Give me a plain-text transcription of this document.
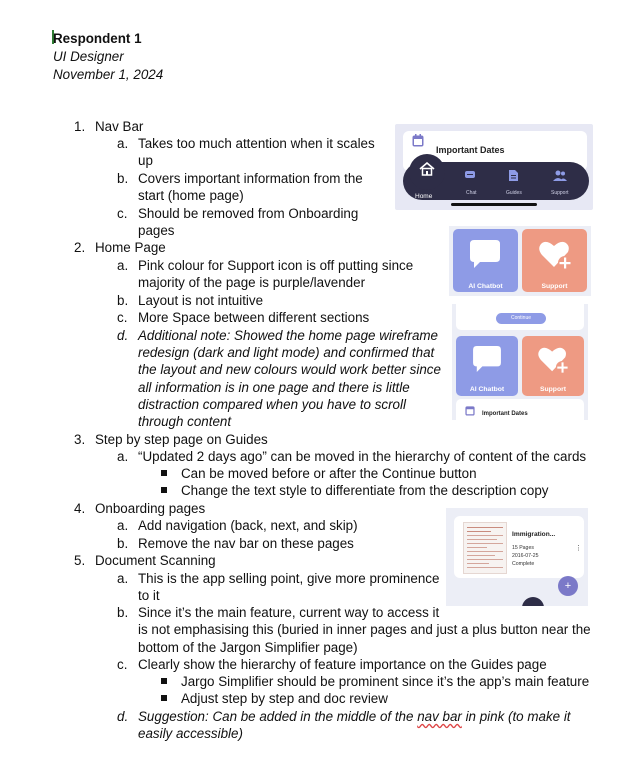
Respondent 1
UI Designer
November 1, 2024
1. Nav Bar
a. Takes too much attention when it scales
up
b. Covers important information from the
start (home page)
c. Should be removed from Onboarding
pages
2. Home Page
a. Pink colour for Support icon is off putting since
majority of the page is purple/lavender
b. Layout is not intuitive
c. More Space between different sections
d. Additional note: Showed the home page wireframe
redesign (dark and light mode) and confirmed that
the layout and new colours would work better since
all information is in one page and there is little
distraction compared when you have to scroll
through content
3. Step by step page on Guides
a. “Updated 2 days ago” can be moved in the hierarchy of content of the cards
Can be moved before or after the Continue button
Change the text style to differentiate from the description copy
4. Onboarding pages
a. Add navigation (back, next, and skip)
b. Remove the nav bar on these pages
5. Document Scanning
a. This is the app selling point, give more prominence
to it
b. Since it’s the main feature, current way to access it
is not emphasising this (buried in inner pages and just a plus button near the
bottom of the Jargon Simplifier page)
c. Clearly show the hierarchy of feature importance on the Guides page
Jargo Simplifier should be prominent since it’s the app’s main feature
Adjust step by step and doc review
d. Suggestion: Can be added in the middle of the nav bar in pink (to make it
easily accessible)
Important Dates
Home	Chat	Guides	Support
AI Chatbot	Support
Continue
AI Chatbot	Support
Important Dates
Immigration...
15 Pages
2016-07-25
Complete
⋮
+
